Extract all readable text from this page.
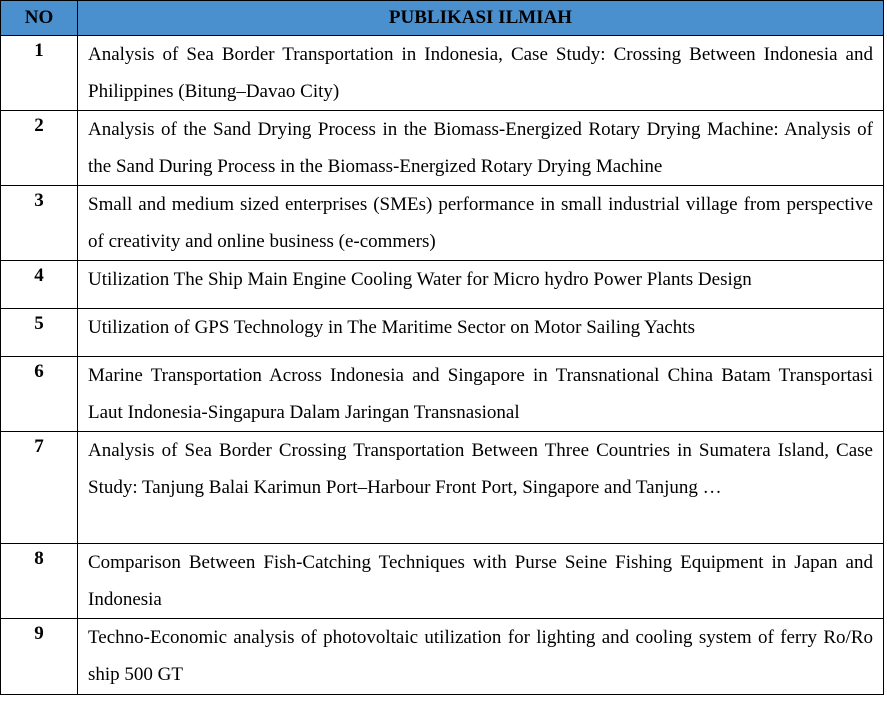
NO	PUBLIKASI ILMIAH
1	Analysis of Sea Border Transportation in Indonesia, Case Study: Crossing Between Indonesia and Philippines (Bitung–Davao City)
2	Analysis of the Sand Drying Process in the Biomass-Energized Rotary Drying Machine: Analysis of the Sand During Process in the Biomass-Energized Rotary Drying Machine
3	Small and medium sized enterprises (SMEs) performance in small industrial village from perspective of creativity and online business (e-commers)
4	Utilization The Ship Main Engine Cooling Water for Micro hydro Power Plants Design
5	Utilization of GPS Technology in The Maritime Sector on Motor Sailing Yachts
6	Marine Transportation Across Indonesia and Singapore in Transnational China Batam Transportasi Laut Indonesia-Singapura Dalam Jaringan Transnasional
7	Analysis of Sea Border Crossing Transportation Between Three Countries in Sumatera Island, Case Study: Tanjung Balai Karimun Port–Harbour Front Port, Singapore and Tanjung …
8	Comparison Between Fish-Catching Techniques with Purse Seine Fishing Equipment in Japan and Indonesia
9	Techno-Economic analysis of photovoltaic utilization for lighting and cooling system of ferry Ro/Ro ship 500 GT
